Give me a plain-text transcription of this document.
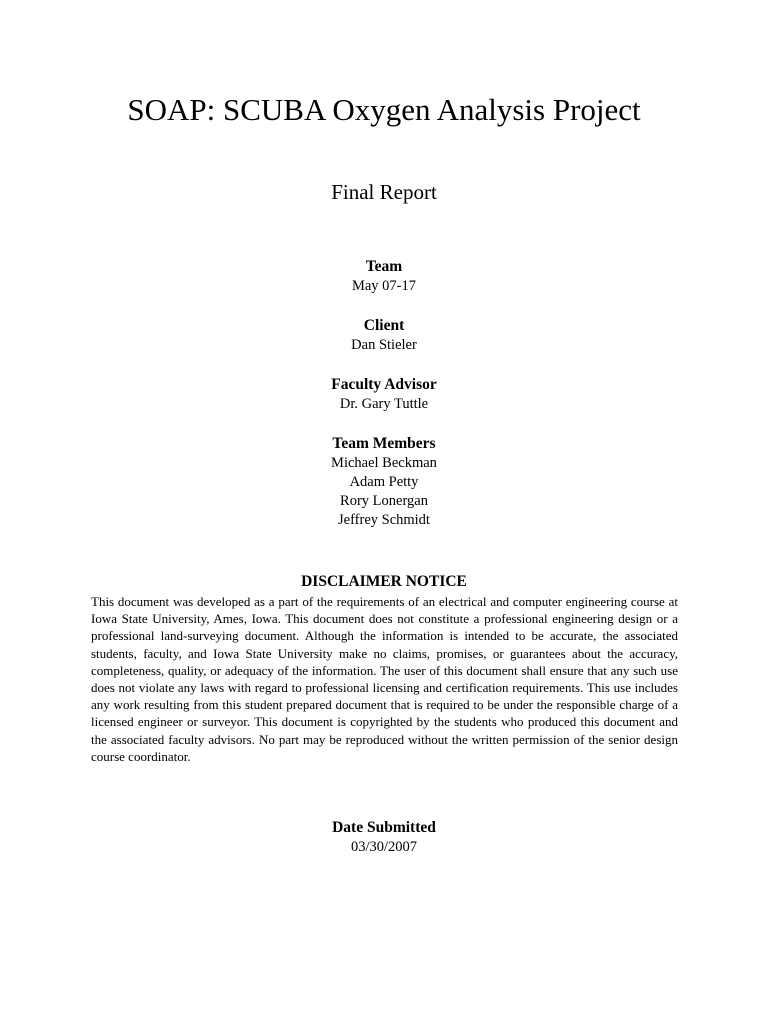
SOAP: SCUBA Oxygen Analysis Project
Final Report
Team
May 07-17
Client
Dan Stieler
Faculty Advisor
Dr. Gary Tuttle
Team Members
Michael Beckman
Adam Petty
Rory Lonergan
Jeffrey Schmidt
DISCLAIMER NOTICE

This document was developed as a part of the requirements of an electrical and computer engineering course at Iowa State University, Ames, Iowa. This document does not constitute a professional engineering design or a professional land-surveying document. Although the information is intended to be accurate, the associated students, faculty, and Iowa State University make no claims, promises, or guarantees about the accuracy, completeness, quality, or adequacy of the information. The user of this document shall ensure that any such use does not violate any laws with regard to professional licensing and certification requirements. This use includes any work resulting from this student prepared document that is required to be under the responsible charge of a licensed engineer or surveyor. This document is copyrighted by the students who produced this document and the associated faculty advisors. No part may be reproduced without the written permission of the senior design course coordinator.

Date Submitted
03/30/2007
